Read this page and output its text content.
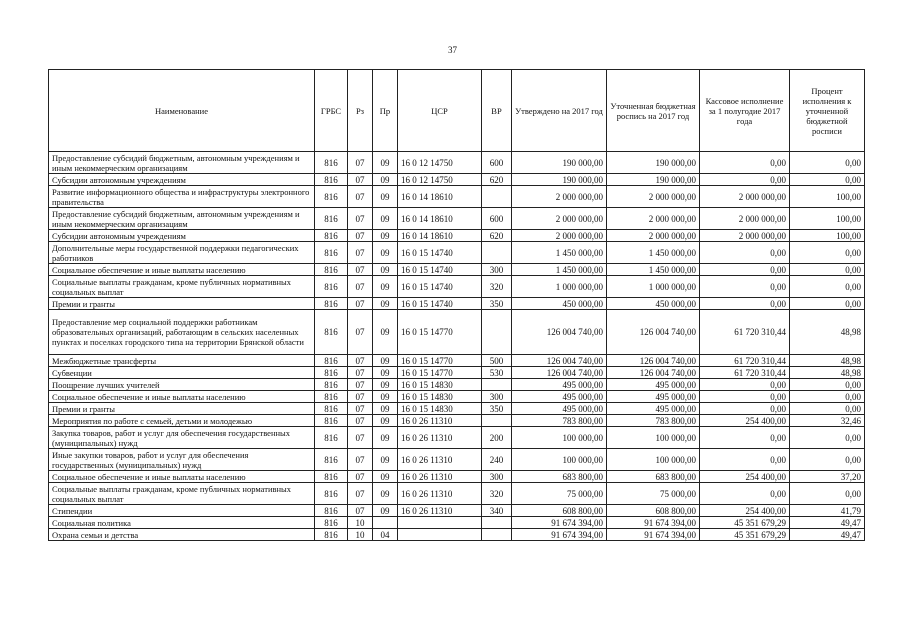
37
Наименование	ГРБС	Рз	Пр	ЦСР	ВР	Утверждено на 2017 год	Уточненная бюджетная роспись на 2017 год	Кассовое исполнение за 1 полугодие 2017 года	Процент исполнения к уточненной бюджетной росписи
Предоставление субсидий бюджетным, автономным учреждениям и иным некоммерческим организациям	816	07	09	16 0 12 14750	600	190 000,00	190 000,00	0,00	0,00
Субсидии автономным учреждениям	816	07	09	16 0 12 14750	620	190 000,00	190 000,00	0,00	0,00
Развитие информационного общества и инфраструктуры электронного правительства	816	07	09	16 0 14 18610		2 000 000,00	2 000 000,00	2 000 000,00	100,00
Предоставление субсидий бюджетным, автономным учреждениям и иным некоммерческим организациям	816	07	09	16 0 14 18610	600	2 000 000,00	2 000 000,00	2 000 000,00	100,00
Субсидии автономным учреждениям	816	07	09	16 0 14 18610	620	2 000 000,00	2 000 000,00	2 000 000,00	100,00
Дополнительные меры государственной поддержки педагогических работников	816	07	09	16 0 15 14740		1 450 000,00	1 450 000,00	0,00	0,00
Социальное обеспечение и иные выплаты населению	816	07	09	16 0 15 14740	300	1 450 000,00	1 450 000,00	0,00	0,00
Социальные выплаты гражданам, кроме публичных нормативных социальных выплат	816	07	09	16 0 15 14740	320	1 000 000,00	1 000 000,00	0,00	0,00
Премии и гранты	816	07	09	16 0 15 14740	350	450 000,00	450 000,00	0,00	0,00
Предоставление мер социальной поддержки работникам образовательных организаций, работающим в сельских населенных пунктах и поселках городского типа на территории Брянской области	816	07	09	16 0 15 14770		126 004 740,00	126 004 740,00	61 720 310,44	48,98
Межбюджетные трансферты	816	07	09	16 0 15 14770	500	126 004 740,00	126 004 740,00	61 720 310,44	48,98
Субвенции	816	07	09	16 0 15 14770	530	126 004 740,00	126 004 740,00	61 720 310,44	48,98
Поощрение лучших учителей	816	07	09	16 0 15 14830		495 000,00	495 000,00	0,00	0,00
Социальное обеспечение и иные выплаты населению	816	07	09	16 0 15 14830	300	495 000,00	495 000,00	0,00	0,00
Премии и гранты	816	07	09	16 0 15 14830	350	495 000,00	495 000,00	0,00	0,00
Мероприятия по работе с семьей, детьми и молодежью	816	07	09	16 0 26 11310		783 800,00	783 800,00	254 400,00	32,46
Закупка товаров, работ и услуг для обеспечения государственных (муниципальных) нужд	816	07	09	16 0 26 11310	200	100 000,00	100 000,00	0,00	0,00
Иные закупки товаров, работ и услуг для обеспечения государственных (муниципальных) нужд	816	07	09	16 0 26 11310	240	100 000,00	100 000,00	0,00	0,00
Социальное обеспечение и иные выплаты населению	816	07	09	16 0 26 11310	300	683 800,00	683 800,00	254 400,00	37,20
Социальные выплаты гражданам, кроме публичных нормативных социальных выплат	816	07	09	16 0 26 11310	320	75 000,00	75 000,00	0,00	0,00
Стипендии	816	07	09	16 0 26 11310	340	608 800,00	608 800,00	254 400,00	41,79
Социальная политика	816	10				91 674 394,00	91 674 394,00	45 351 679,29	49,47
Охрана семьи и детства	816	10	04			91 674 394,00	91 674 394,00	45 351 679,29	49,47
